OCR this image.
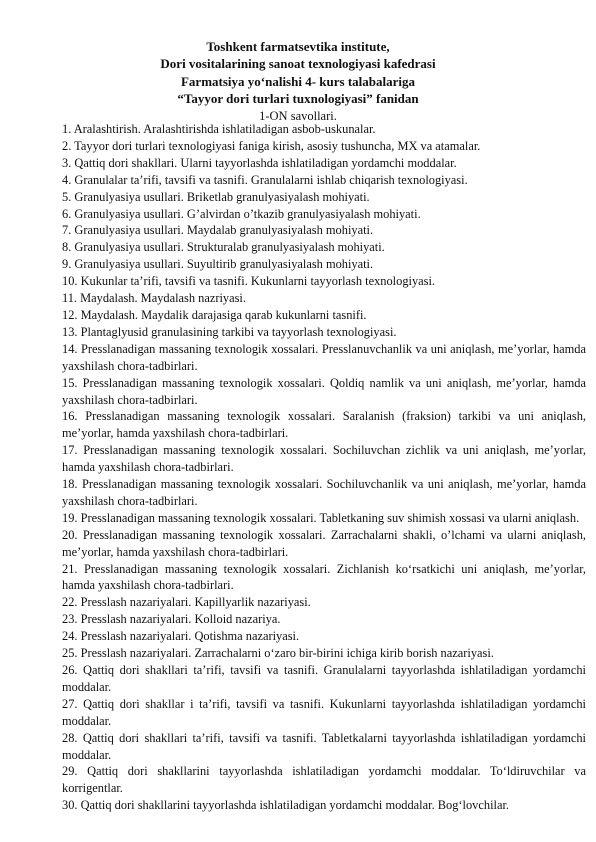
Toshkent farmatsevtika institute,
Dori vositalarining sanoat texnologiyasi kafedrasi
Farmatsiya yo‘nalishi 4- kurs talabalariga
“Tayyor dori turlari tuxnologiyasi” fanidan
1-ON savollari.
1. Aralashtirish. Aralashtirishda ishlatiladigan asbob-uskunalar.
2. Tayyor dori turlari texnologiyasi faniga kirish, asosiy tushuncha, MX va atamalar.
3. Qattiq dori shakllari. Ularni tayyorlashda ishlatiladigan yordamchi moddalar.
4. Granulalar ta’rifi, tavsifi va tasnifi. Granulalarni ishlab chiqarish texnologiyasi.
5. Granulyasiya usullari. Briketlab granulyasiyalash mohiyati.
6. Granulyasiya usullari. G’alvirdan o’tkazib granulyasiyalash mohiyati.
7. Granulyasiya usullari. Maydalab granulyasiyalash mohiyati.
8. Granulyasiya usullari. Strukturalab granulyasiyalash mohiyati.
9. Granulyasiya usullari. Suyultirib granulyasiyalash mohiyati.
10. Kukunlar ta’rifi, tavsifi va tasnifi. Kukunlarni tayyorlash texnologiyasi.
11. Maydalash. Maydalash nazriyasi.
12. Maydalash. Maydalik darajasiga qarab kukunlarni tasnifi.
13. Plantaglyusid granulasining tarkibi va tayyorlash texnologiyasi.
14. Presslanadigan massaning texnologik xossalari. Presslanuvchanlik va uni aniqlash, me’yorlar, hamda yaxshilash chora-tadbirlari.
15. Presslanadigan massaning texnologik xossalari. Qoldiq namlik va uni aniqlash, me’yorlar, hamda yaxshilash chora-tadbirlari.
16. Presslanadigan massaning texnologik xossalari. Saralanish (fraksion) tarkibi va uni aniqlash, me’yorlar, hamda yaxshilash chora-tadbirlari.
17. Presslanadigan massaning texnologik xossalari. Sochiluvchan zichlik va uni aniqlash, me’yorlar, hamda yaxshilash chora-tadbirlari.
18. Presslanadigan massaning texnologik xossalari. Sochiluvchanlik va uni aniqlash, me’yorlar, hamda yaxshilash chora-tadbirlari.
19. Presslanadigan massaning texnologik xossalari. Tabletkaning suv shimish xossasi va ularni aniqlash.
20. Presslanadigan massaning texnologik xossalari. Zarrachalarni shakli, o’lchami va ularni aniqlash, me’yorlar, hamda yaxshilash chora-tadbirlari.
21. Presslanadigan massaning texnologik xossalari. Zichlanish ko‘rsatkichi uni aniqlash, me’yorlar, hamda yaxshilash chora-tadbirlari.
22. Presslash nazariyalari. Kapillyarlik nazariyasi.
23. Presslash nazariyalari. Kolloid nazariya.
24. Presslash nazariyalari. Qotishma nazariyasi.
25. Presslash nazariyalari. Zarrachalarni o‘zaro bir-birini ichiga kirib borish nazariyasi.
26. Qattiq dori shakllari ta’rifi, tavsifi va tasnifi. Granulalarni tayyorlashda ishlatiladigan yordamchi moddalar.
27. Qattiq dori shakllar i ta’rifi, tavsifi va tasnifi. Kukunlarni tayyorlashda ishlatiladigan yordamchi moddalar.
28. Qattiq dori shakllari ta’rifi, tavsifi va tasnifi. Tabletkalarni tayyorlashda ishlatiladigan yordamchi moddalar.
29. Qattiq dori shakllarini tayyorlashda ishlatiladigan yordamchi moddalar. To‘ldiruvchilar va korrigentlar.
30. Qattiq dori shakllarini tayyorlashda ishlatiladigan yordamchi moddalar. Bog‘lovchilar.
